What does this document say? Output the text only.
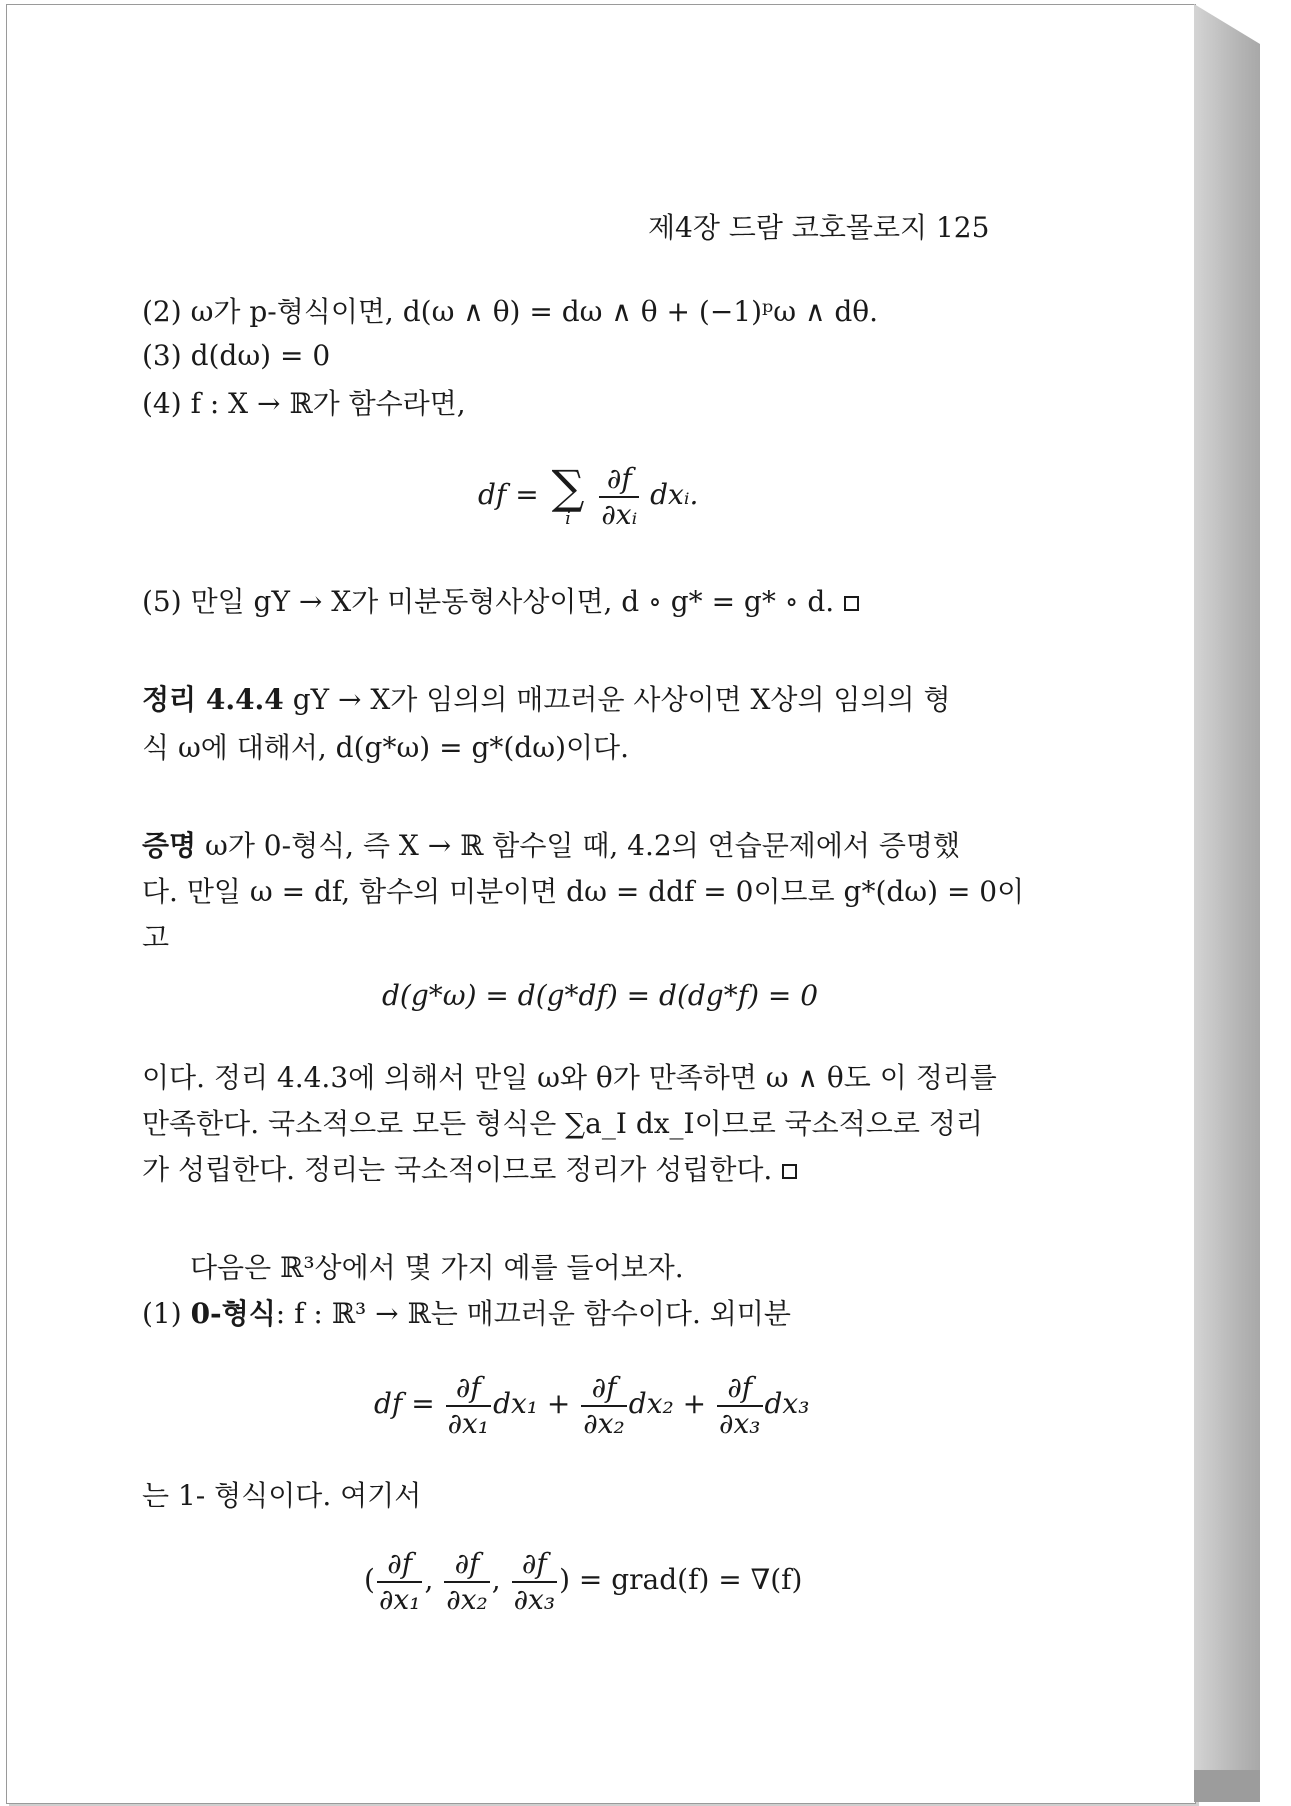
제4장 드람 코호몰로지 125
(2) ω가 p-형식이면, d(ω ∧ θ) = dω ∧ θ + (−1)ᵖω ∧ dθ.
(3) d(dω) = 0
(4) f : X → ℝ가 함수라면,
df = ∑
i
	$\frac{\partial f}{\text{∂xᵢ}}$ dxᵢ.
(5) 만일 gY → X가 미분동형사상이면, d ∘ g* = g* ∘ d.
정리 4.4.4 gY → X가 임의의 매끄러운 사상이면 X상의 임의의 형
식 ω에 대해서, d(g*ω) = g*(dω)이다.
증명 ω가 0-형식, 즉 X → ℝ 함수일 때, 4.2의 연습문제에서 증명했
다. 만일 ω = df, 함수의 미분이면 dω = ddf = 0이므로 g*(dω) = 0이
고
d(g*ω) = d(g*df) = d(dg*f) = 0
이다. 정리 4.4.3에 의해서 만일 ω와 θ가 만족하면 ω ∧ θ도 이 정리를
만족한다. 국소적으로 모든 형식은 ∑a_I dx_I이므로 국소적으로 정리
가 성립한다. 정리는 국소적이므로 정리가 성립한다.
다음은 ℝ³상에서 몇 가지 예를 들어보자.
(1) 0-형식: f : ℝ³ → ℝ는 매끄러운 함수이다. 외미분
df = $\frac{\partial f}{\text{∂x₁}} dx_1 + \frac{\partial f}{\text{∂x₂}} dx_2 + \frac{\partial f}{\text{∂x₃}} dx_3$
는 1- 형식이다. 여기서
( $\frac{\partial f}{\text{∂x₁}}$ , $\frac{\partial f}{\text{∂x₂}}$ , $\frac{\partial f}{\text{∂x₃}}$ ) = grad(f) = ∇(f)
